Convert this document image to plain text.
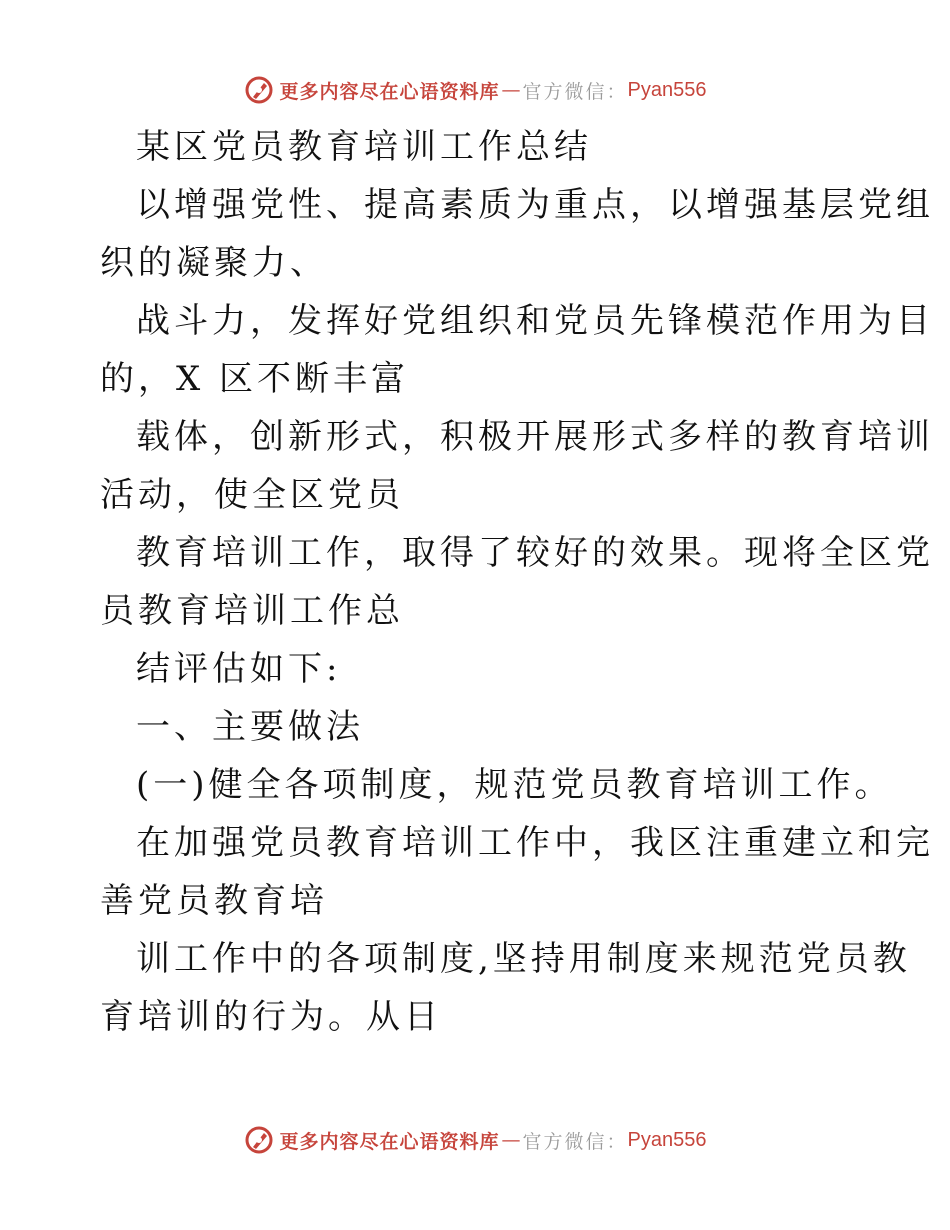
更多内容尽在心语资料库 — 官方微信： Pyan556
某区党员教育培训工作总结
以增强党性、提高素质为重点，以增强基层党组
织的凝聚力、
战斗力，发挥好党组织和党员先锋模范作用为目
的，X 区不断丰富
载体，创新形式，积极开展形式多样的教育培训
活动，使全区党员
教育培训工作，取得了较好的效果。现将全区党
员教育培训工作总
结评估如下:
一、主要做法
(一)健全各项制度，规范党员教育培训工作。
在加强党员教育培训工作中，我区注重建立和完
善党员教育培
训工作中的各项制度,坚持用制度来规范党员教
育培训的行为。从日
更多内容尽在心语资料库 — 官方微信： Pyan556
